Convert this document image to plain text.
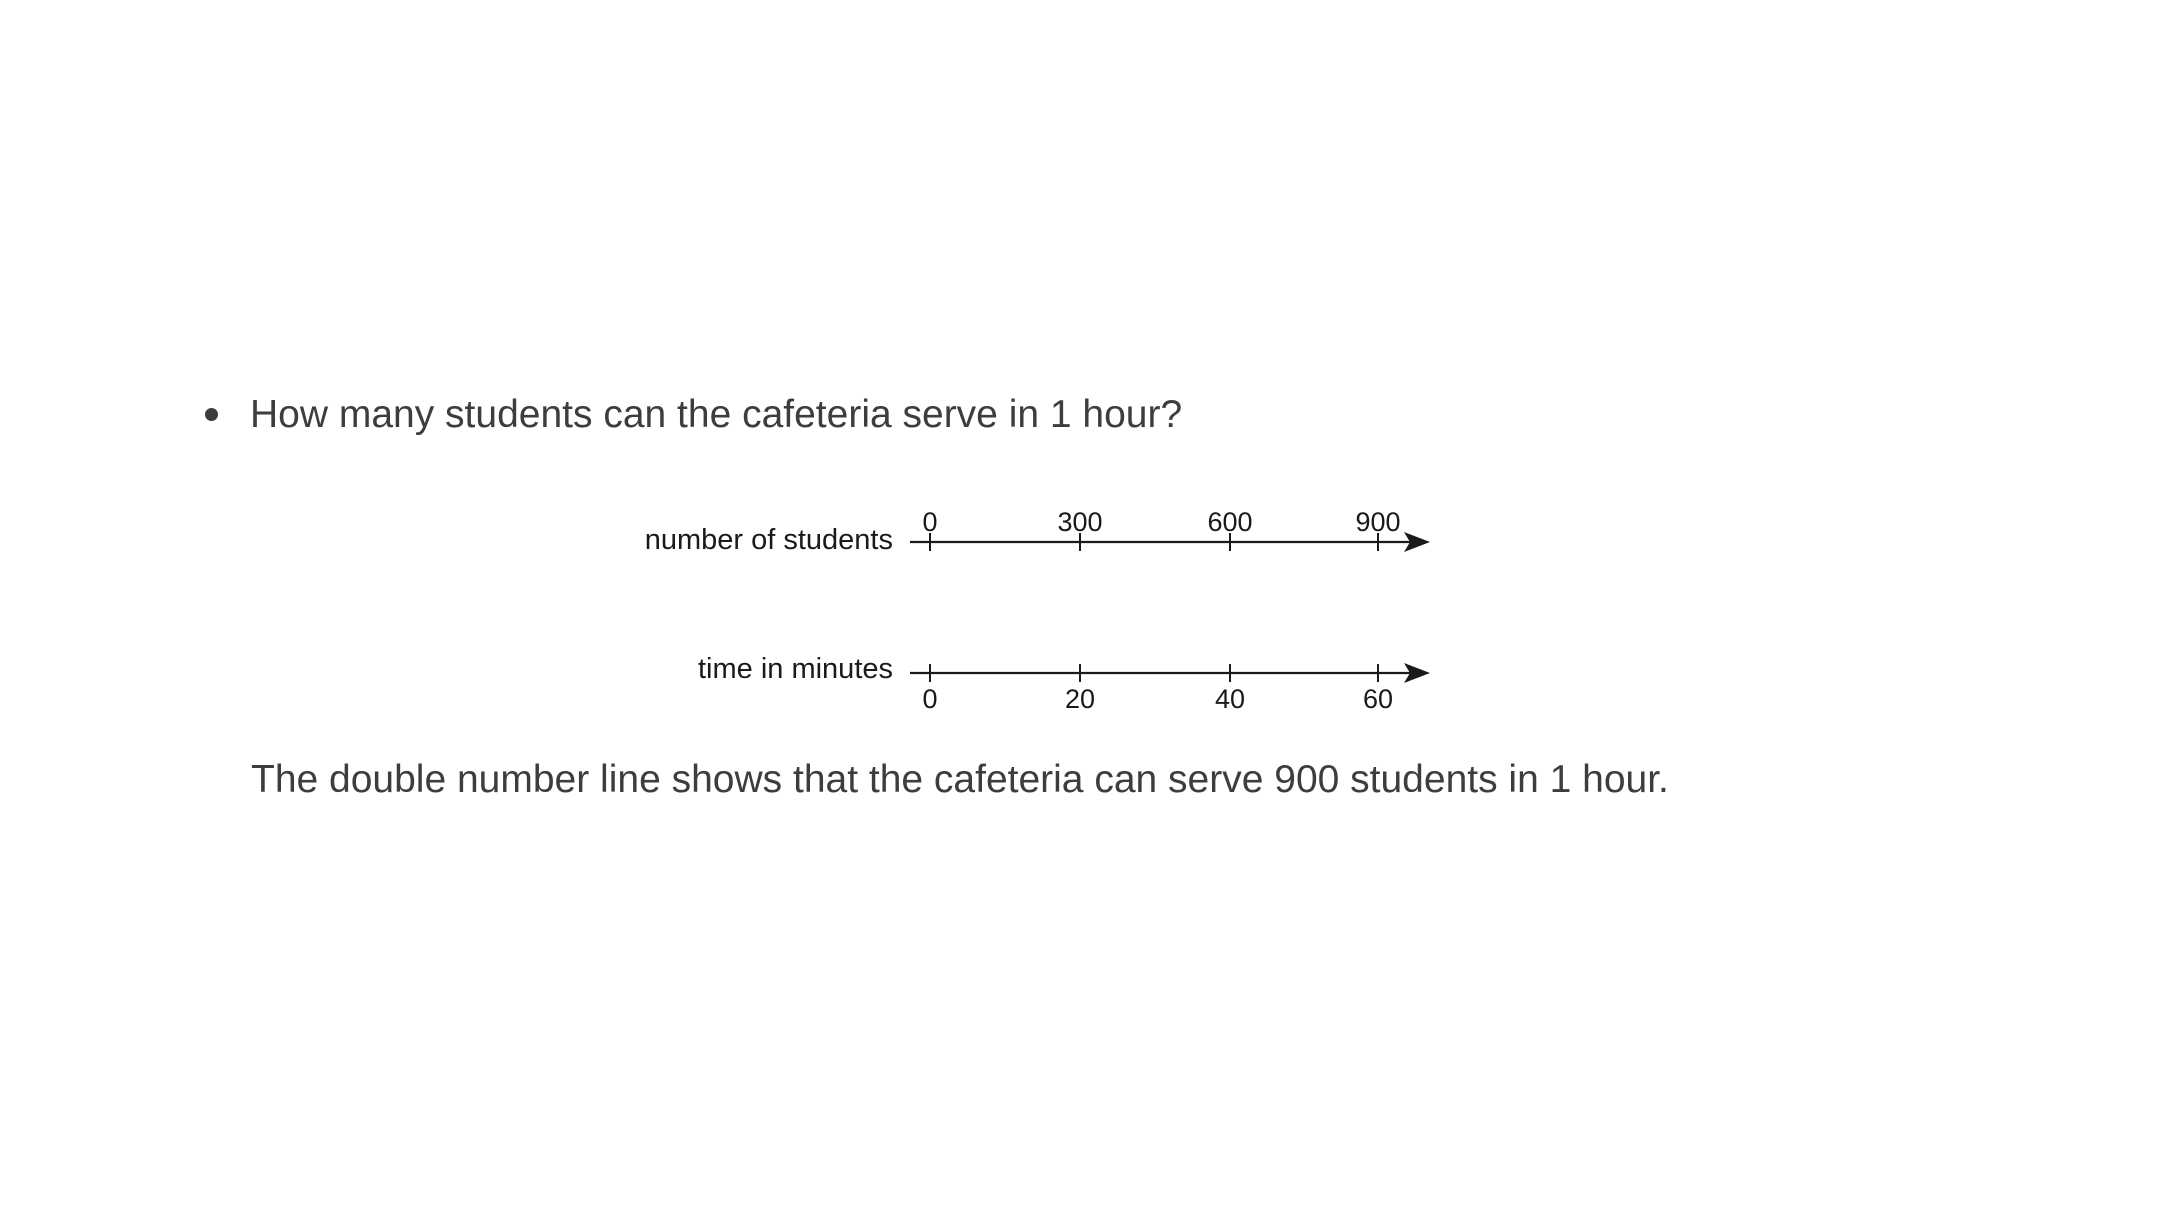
How many students can the cafeteria serve in 1 hour?
number of students
0	300	600	900
time in minutes
0	20	40	60
The double number line shows that the cafeteria can serve 900 students in 1 hour.
